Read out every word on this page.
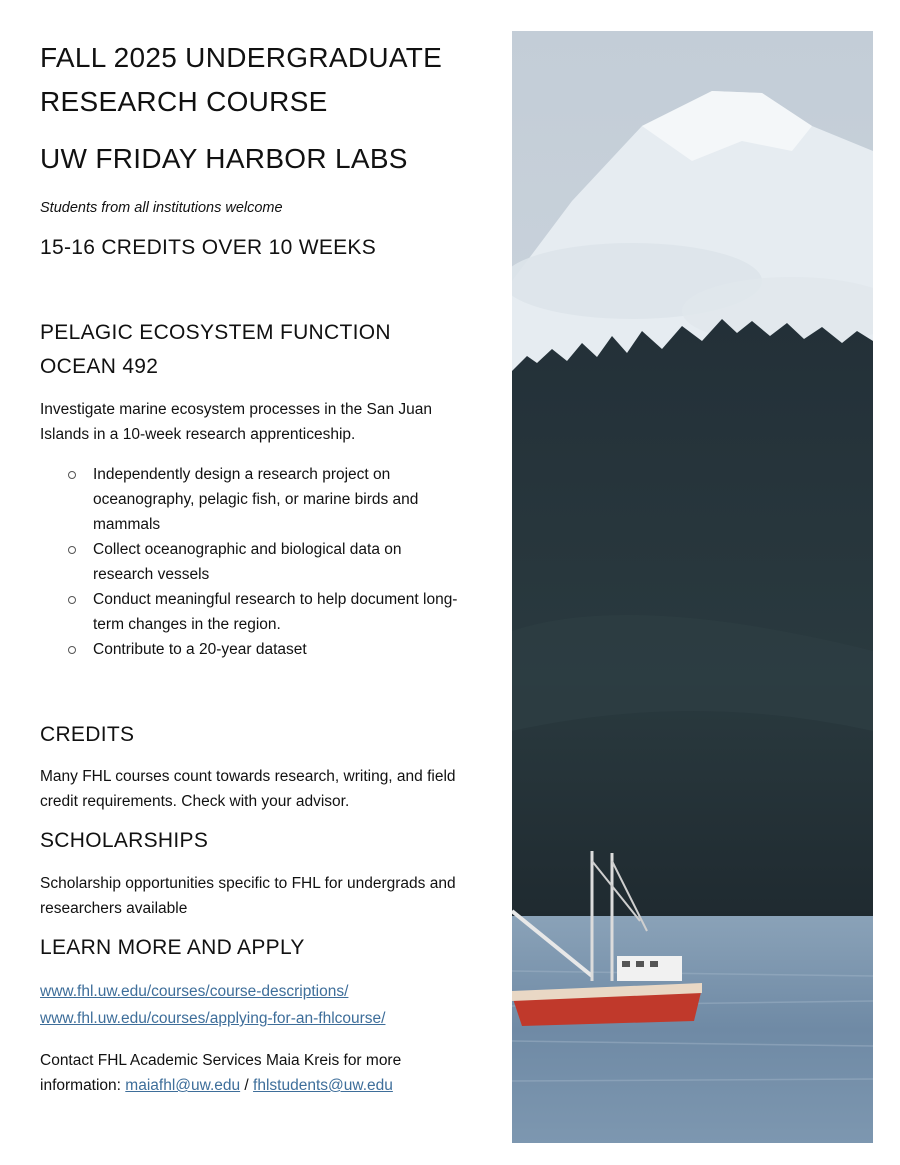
FALL 2025 UNDERGRADUATE
RESEARCH COURSE
UW FRIDAY HARBOR LABS
Students from all institutions welcome
15-16 CREDITS OVER 10 WEEKS
PELAGIC ECOSYSTEM FUNCTION
OCEAN 492
Investigate marine ecosystem processes in the San Juan Islands in a 10-week research apprenticeship.
Independently design a research project on oceanography, pelagic fish, or marine birds and mammals
Collect oceanographic and biological data on research vessels
Conduct meaningful research to help document long-term changes in the region.
Contribute to a 20-year dataset
CREDITS
Many FHL courses count towards research, writing, and field credit requirements. Check with your advisor.
SCHOLARSHIPS
Scholarship opportunities specific to FHL for undergrads and researchers available
LEARN MORE AND APPLY
www.fhl.uw.edu/courses/course-descriptions/
www.fhl.uw.edu/courses/applying-for-an-fhlcourse/
Contact FHL Academic Services Maia Kreis for more information: maiafhl@uw.edu / fhlstudents@uw.edu
